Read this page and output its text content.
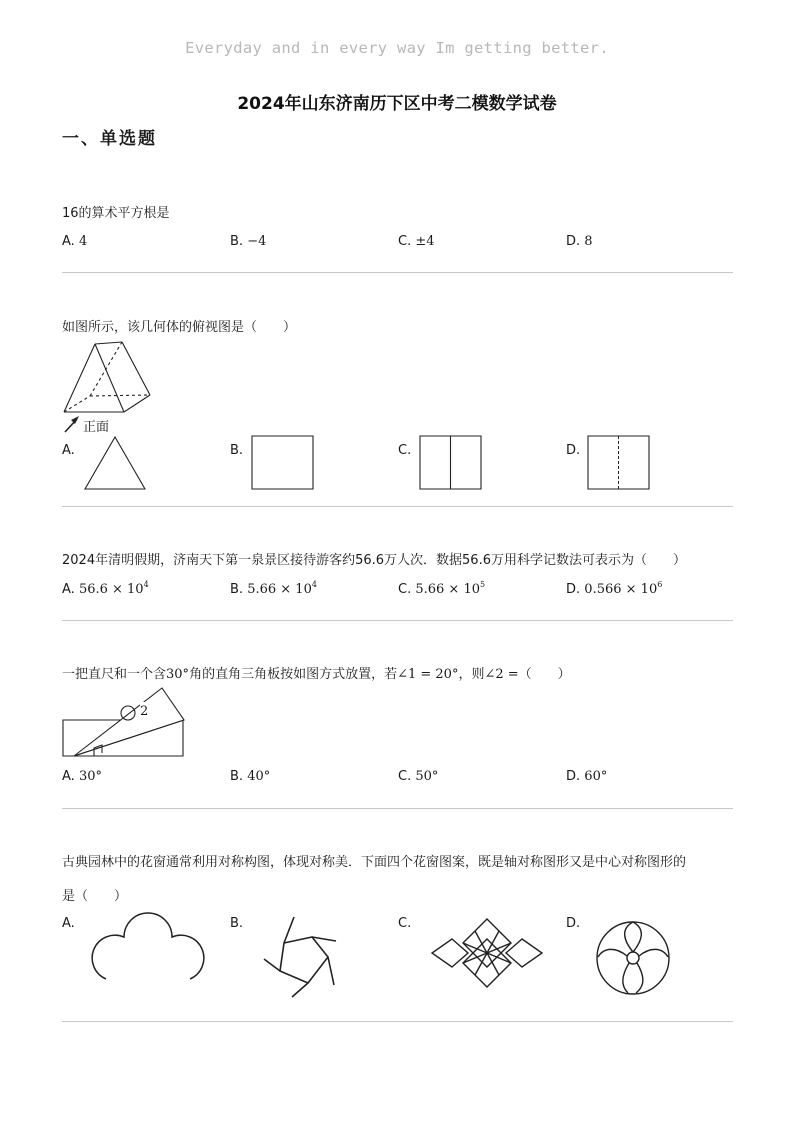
Everyday and in every way Im getting better.
2024年山东济南历下区中考二模数学试卷
一、单选题
16的算术平方根是
A. 4	B. −4	C. ±4	D. 8
如图所示，该几何体的俯视图是（　　）
正面
A.	B.	C.	D.
2024年清明假期，济南天下第一泉景区接待游客约56.6万人次．数据56.6万用科学记数法可表示为（　　）
A. $56.6 \times 10^4$	B. $5.66 \times 10^4$	C. $5.66 \times 10^5$	D. $0.566 \times 10^6$
一把直尺和一个含30°角的直角三角板按如图方式放置，若∠1 = 20°，则∠2 =（　　）
2
A. 30°	B. 40°	C. 50°	D. 60°
古典园林中的花窗通常利用对称构图，体现对称美．下面四个花窗图案，既是轴对称图形又是中心对称图形的
是（　　）
A.	B.	C.	D.
